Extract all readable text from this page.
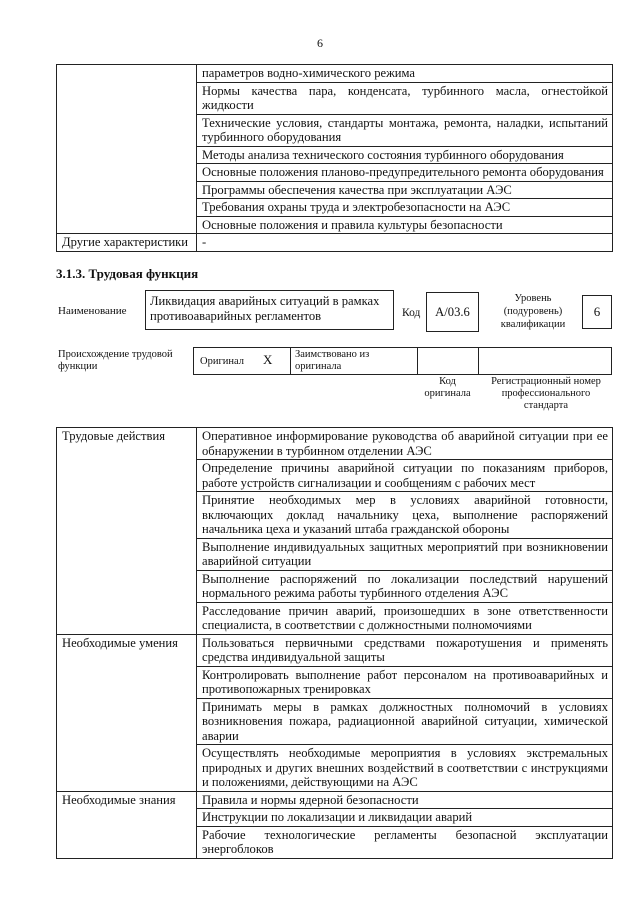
6
	параметров водно-химического режима
	Нормы качества пара, конденсата, турбинного масла, огнестойкой жидкости
	Технические условия, стандарты монтажа, ремонта, наладки, испытаний турбинного оборудования
	Методы анализа технического состояния турбинного оборудования
	Основные положения планово-предупредительного ремонта оборудования
	Программы обеспечения качества при эксплуатации АЭС
	Требования охраны труда и электробезопасности на АЭС
	Основные положения и правила культуры безопасности
Другие характеристики	-
3.1.3. Трудовая функция
Наименование
Ликвидация аварийных ситуаций в рамках противоаварийных регламентов	Код	А/03.6
Уровень (подуровень) квалификации
6
Происхождение трудовой функции	Оригинал X Заимствовано из оригинала
Код оригинала
Регистрационный номер профессионального стандарта
Трудовые действия	Оперативное информирование руководства об аварийной ситуации при ее обнаружении в турбинном отделении АЭС
	Определение причины аварийной ситуации по показаниям приборов, работе устройств сигнализации и сообщениям с рабочих мест
	Принятие необходимых мер в условиях аварийной готовности, включающих доклад начальнику цеха, выполнение распоряжений начальника цеха и указаний штаба гражданской обороны
	Выполнение индивидуальных защитных мероприятий при возникновении аварийной ситуации
	Выполнение распоряжений по локализации последствий нарушений нормального режима работы турбинного отделения АЭС
	Расследование причин аварий, произошедших в зоне ответственности специалиста, в соответствии с должностными полномочиями
Необходимые умения	Пользоваться первичными средствами пожаротушения и применять средства индивидуальной защиты
	Контролировать выполнение работ персоналом на противоаварийных и противопожарных тренировках
	Принимать меры в рамках должностных полномочий в условиях возникновения пожара, радиационной аварийной ситуации, химической аварии
	Осуществлять необходимые мероприятия в условиях экстремальных природных и других внешних воздействий в соответствии с инструкциями и положениями, действующими на АЭС
Необходимые знания	Правила и нормы ядерной безопасности
	Инструкции по локализации и ликвидации аварий
	Рабочие технологические регламенты безопасной эксплуатации энергоблоков
